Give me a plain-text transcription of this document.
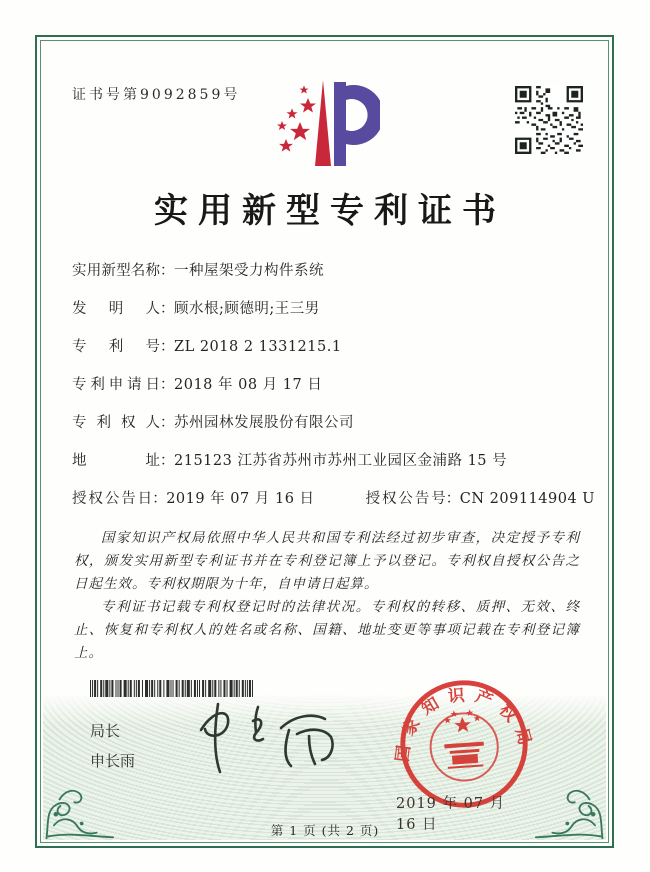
证书号第9092859号
实用新型专利证书
实用新型名称 ： 一种屋架受力构件系统
发明人 ： 顾水根;顾德明;王三男
专利号 ： ZL 2018 2 1331215.1
专利申请日 ： 2018 年 08 月 17 日
专利权人 ： 苏州园林发展股份有限公司
地址 ： 215123 江苏省苏州市苏州工业园区金浦路 15 号
授权公告日 ： 2019 年 07 月 16 日	授权公告号 ： CN 209114904 U

国家知识产权局依照中华人民共和国专利法经过初步审查，决定授予专利权，颁发实用新型专利证书并在专利登记簿上予以登记。专利权自授权公告之日起生效。专利权期限为十年，自申请日起算。

专利证书记载专利权登记时的法律状况。专利权的转移、质押、无效、终止、恢复和专利权人的姓名或名称、国籍、地址变更等事项记载在专利登记簿上。

局长
申长雨	国家知识产权局
2019 年 07 月 16 日
第 1 页 (共 2 页)
